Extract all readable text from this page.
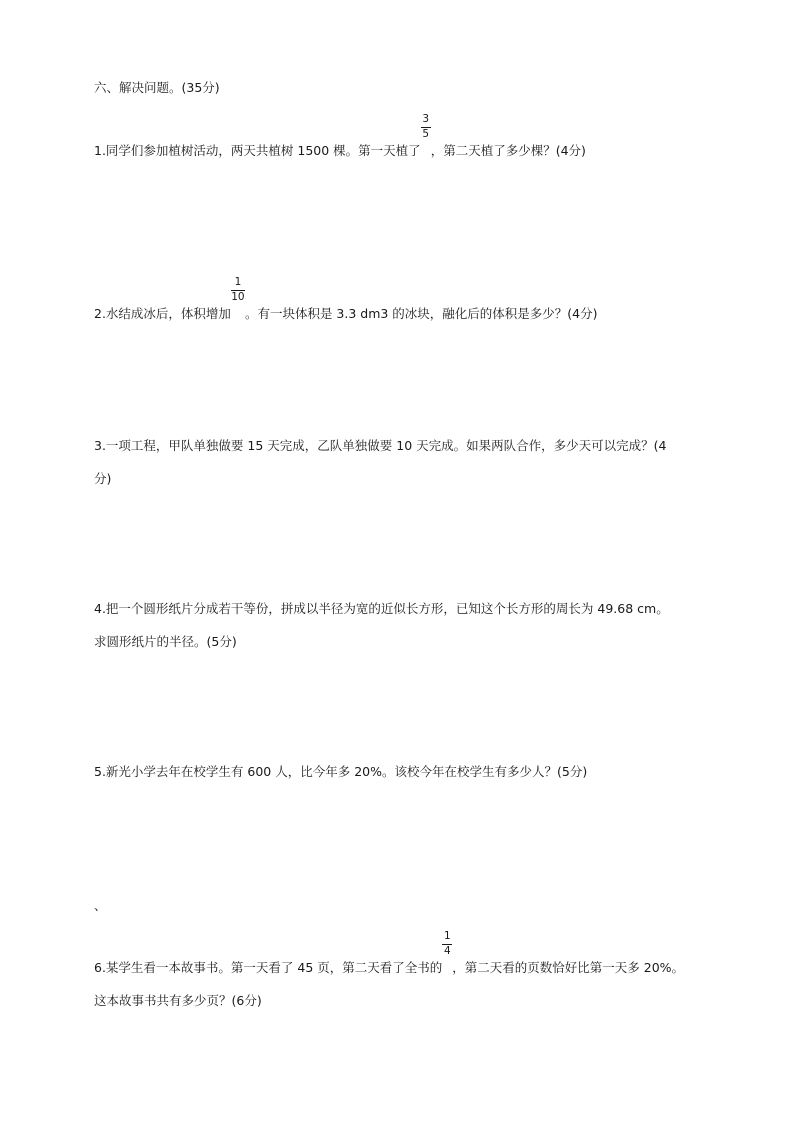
六、解决问题。(35分)
1.同学们参加植树活动，两天共植树 1500 棵。第一天植了 $\frac{3}{5}$ ，第二天植了多少棵？(4分)
2.水结成冰后，体积增加 $\frac{1}{10}$ 。有一块体积是 3.3 dm3 的冰块，融化后的体积是多少？(4分)
3.一项工程，甲队单独做要 15 天完成，乙队单独做要 10 天完成。如果两队合作，多少天可以完成？(4
分)
4.把一个圆形纸片分成若干等份，拼成以半径为宽的近似长方形，已知这个长方形的周长为 49.68 cm。
求圆形纸片的半径。(5分)
5.新光小学去年在校学生有 600 人，比今年多 20%。该校今年在校学生有多少人？(5分)
、
6.某学生看一本故事书。第一天看了 45 页，第二天看了全书的 $\frac{1}{4}$ ，第二天看的页数恰好比第一天多 20%。
这本故事书共有多少页？(6分)
